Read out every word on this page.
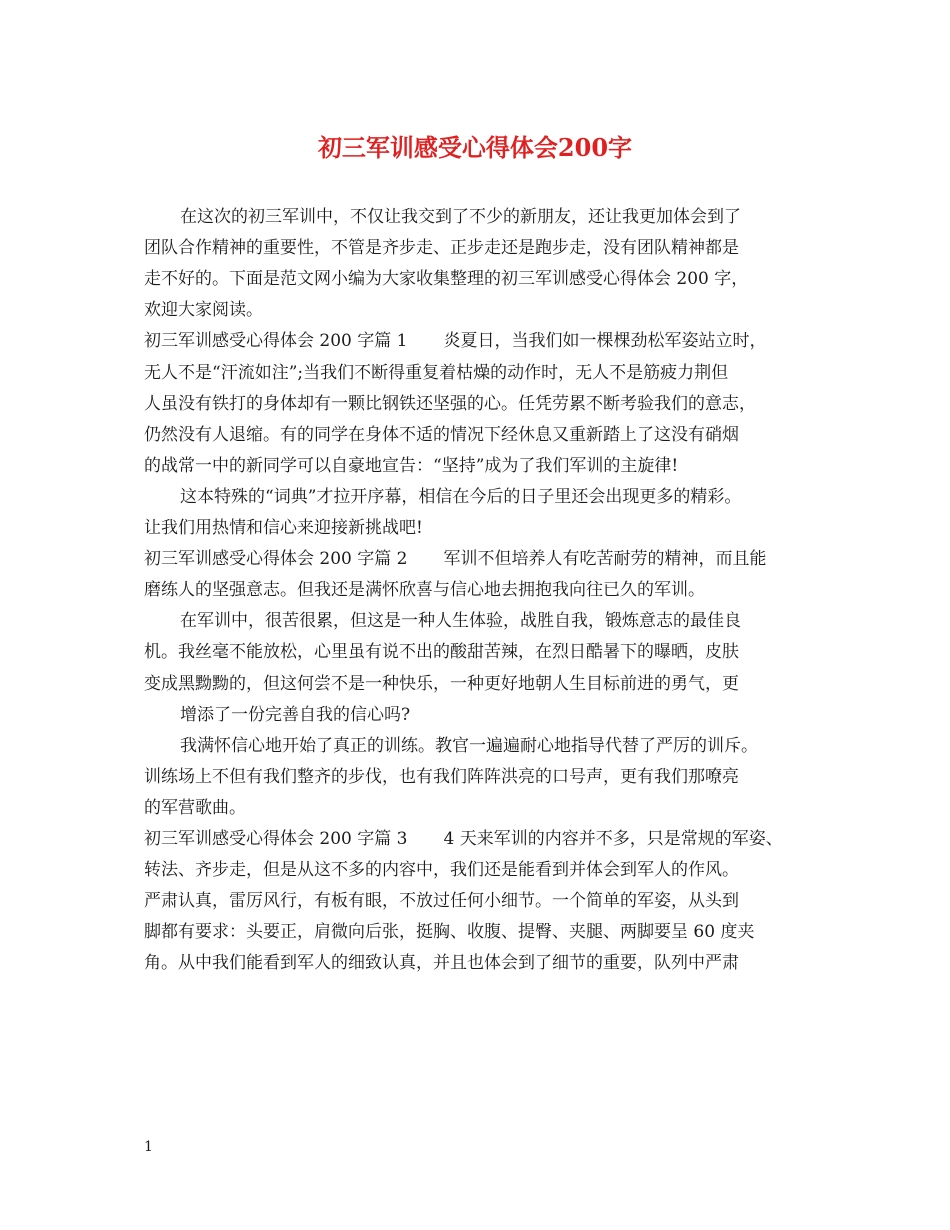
初三军训感受心得体会200字
在这次的初三军训中，不仅让我交到了不少的新朋友，还让我更加体会到了
团队合作精神的重要性，不管是齐步走、正步走还是跑步走，没有团队精神都是
走不好的。下面是范文网小编为大家收集整理的初三军训感受心得体会 200 字，
欢迎大家阅读。
初三军训感受心得体会 200 字篇 1 炎夏日，当我们如一棵棵劲松军姿站立时，
无人不是“汗流如注”;当我们不断得重复着枯燥的动作时，无人不是筋疲力荆但
人虽没有铁打的身体却有一颗比钢铁还坚强的心。任凭劳累不断考验我们的意志，
仍然没有人退缩。有的同学在身体不适的情况下经休息又重新踏上了这没有硝烟
的战常一中的新同学可以自豪地宣告：“坚持”成为了我们军训的主旋律!
这本特殊的“词典”才拉开序幕，相信在今后的日子里还会出现更多的精彩。
让我们用热情和信心来迎接新挑战吧!
初三军训感受心得体会 200 字篇 2 军训不但培养人有吃苦耐劳的精神，而且能
磨练人的坚强意志。但我还是满怀欣喜与信心地去拥抱我向往已久的军训。
在军训中，很苦很累，但这是一种人生体验，战胜自我，锻炼意志的最佳良
机。我丝毫不能放松，心里虽有说不出的酸甜苦辣，在烈日酷暑下的曝晒，皮肤
变成黑黝黝的，但这何尝不是一种快乐，一种更好地朝人生目标前进的勇气，更
增添了一份完善自我的信心吗?
我满怀信心地开始了真正的训练。教官一遍遍耐心地指导代替了严厉的训斥。
训练场上不但有我们整齐的步伐，也有我们阵阵洪亮的口号声，更有我们那嘹亮
的军营歌曲。
初三军训感受心得体会 200 字篇 3 4 天来军训的内容并不多，只是常规的军姿、
转法、齐步走，但是从这不多的内容中，我们还是能看到并体会到军人的作风。
严肃认真，雷厉风行，有板有眼，不放过任何小细节。一个简单的军姿，从头到
脚都有要求：头要正，肩微向后张，挺胸、收腹、提臀、夹腿、两脚要呈 60 度夹
角。从中我们能看到军人的细致认真，并且也体会到了细节的重要，队列中严肃
1
